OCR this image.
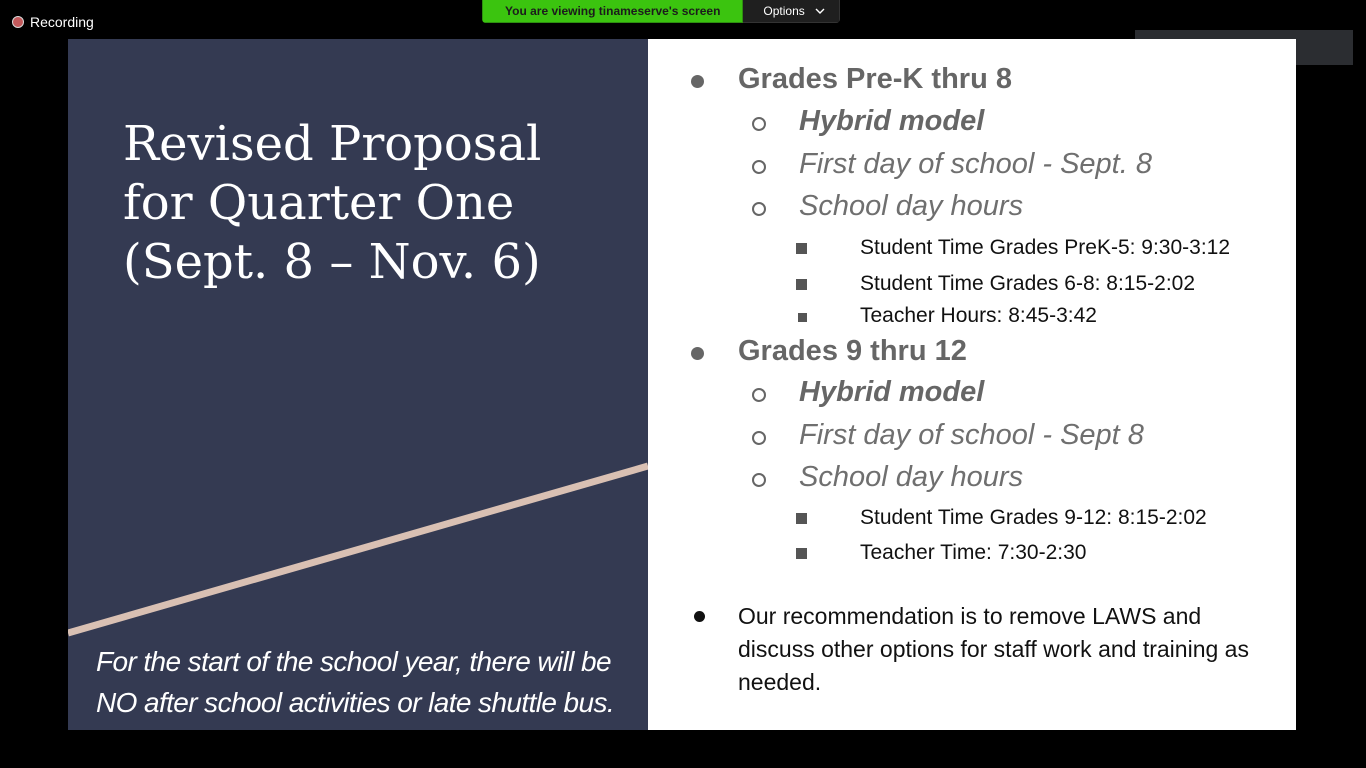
Recording
You are viewing tinameserve's screen	Options
Revised Proposal
for Quarter One
(Sept. 8 – Nov. 6)
For the start of the school year, there will be
NO after school activities or late shuttle bus.
Grades Pre-K thru 8
Hybrid model
First day of school - Sept. 8
School day hours
Student Time Grades PreK-5: 9:30-3:12
Student Time Grades 6-8: 8:15-2:02
Teacher Hours: 8:45-3:42
Grades 9 thru 12
Hybrid model
First day of school - Sept 8
School day hours
Student Time Grades 9-12: 8:15-2:02
Teacher Time: 7:30-2:30
Our recommendation is to remove LAWS and discuss other options for staff work and training as needed.
